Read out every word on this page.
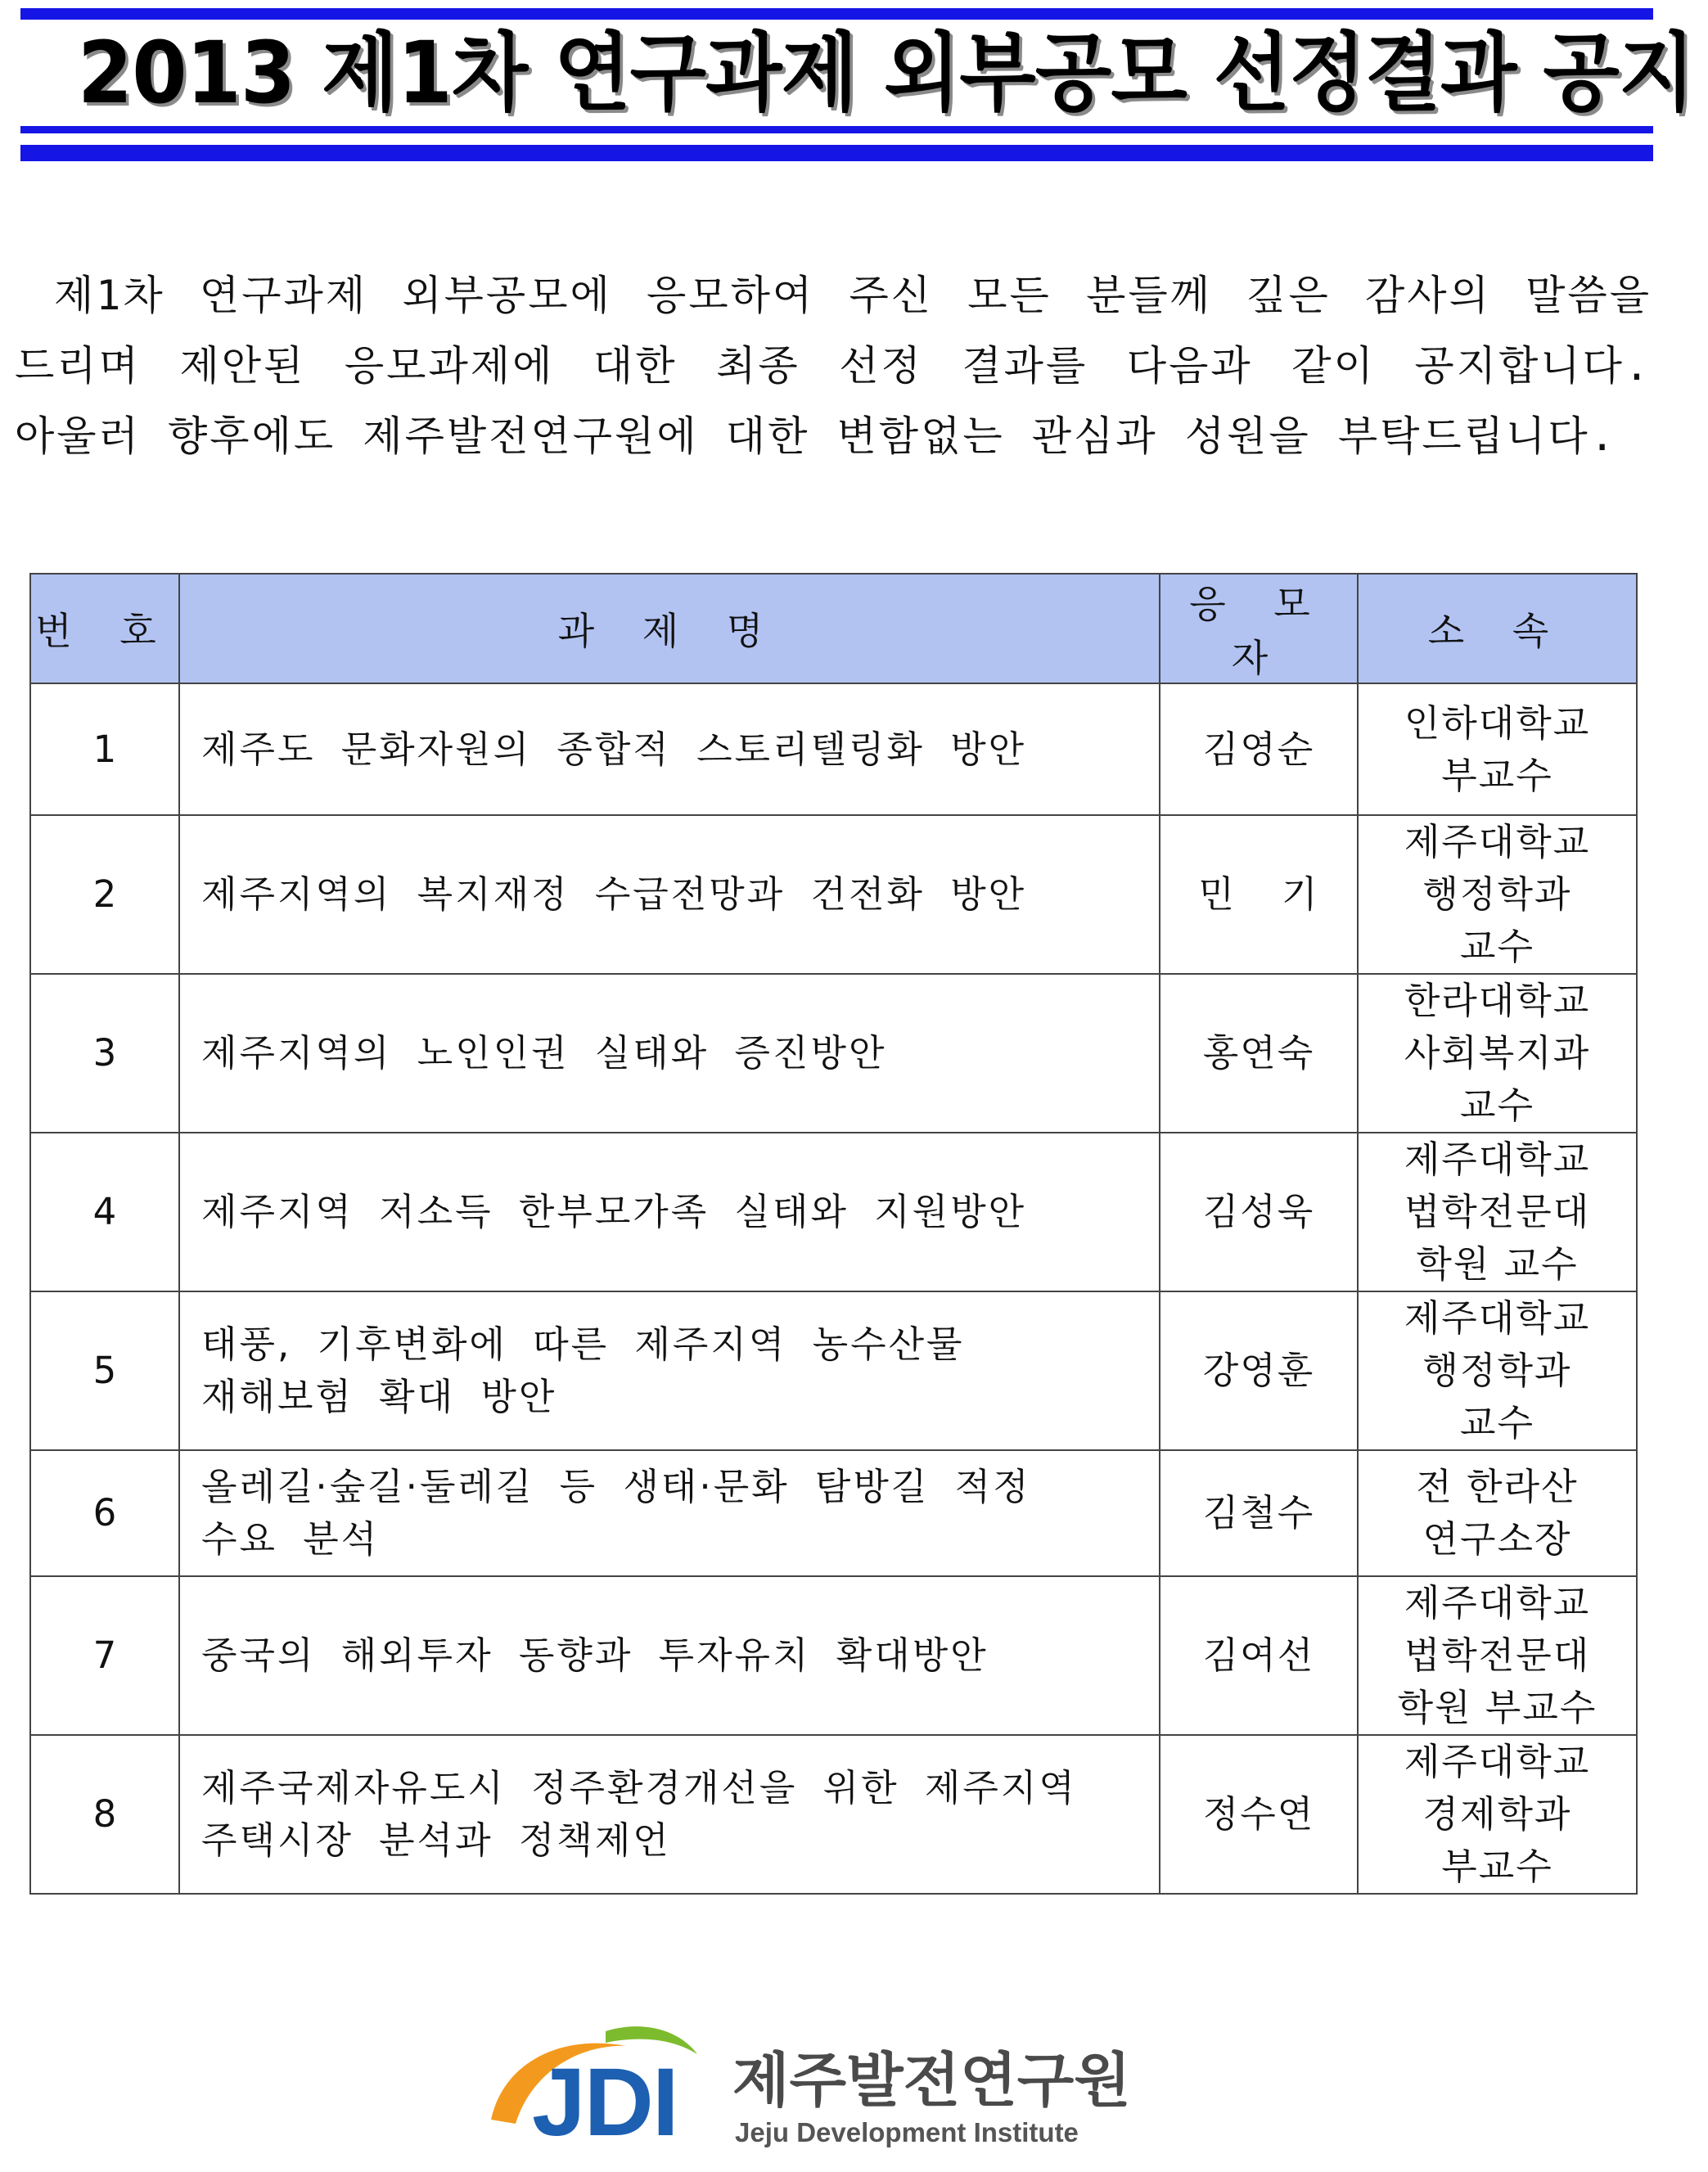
2013 제1차 연구과제 외부공모 선정결과 공지

제1차 연구과제 외부공모에 응모하여 주신 모든 분들께 깊은 감사의 말씀을

드리며 제안된 응모과제에 대한 최종 선정 결과를 다음과 같이 공지합니다.

아울러 향후에도 제주발전연구원에 대한 변함없는 관심과 성원을 부탁드립니다.

번 호	과 제 명	응 모 자	소 속
1	제주도 문화자원의 종합적 스토리텔링화 방안	김영순	인하대학교
부교수

2	제주지역의 복지재정 수급전망과 건전화 방안	민 기	제주대학교
행정학과
교수

3	제주지역의 노인인권 실태와 증진방안	홍연숙	한라대학교
사회복지과
교수

4	제주지역 저소득 한부모가족 실태와 지원방안	김성욱	제주대학교
법학전문대
학원 교수

5	태풍, 기후변화에 따른 제주지역 농수산물
재해보험 확대 방안	강영훈	제주대학교
행정학과
교수

6	올레길·숲길·둘레길 등 생태·문화 탐방길 적정
수요 분석	김철수	전 한라산
연구소장

7	중국의 해외투자 동향과 투자유치 확대방안	김여선	제주대학교
법학전문대
학원 부교수

8	제주국제자유도시 정주환경개선을 위한 제주지역
주택시장 분석과 정책제언	정수연	제주대학교
경제학과
부교수
JDI 제주발전연구원
Jeju Development Institute
